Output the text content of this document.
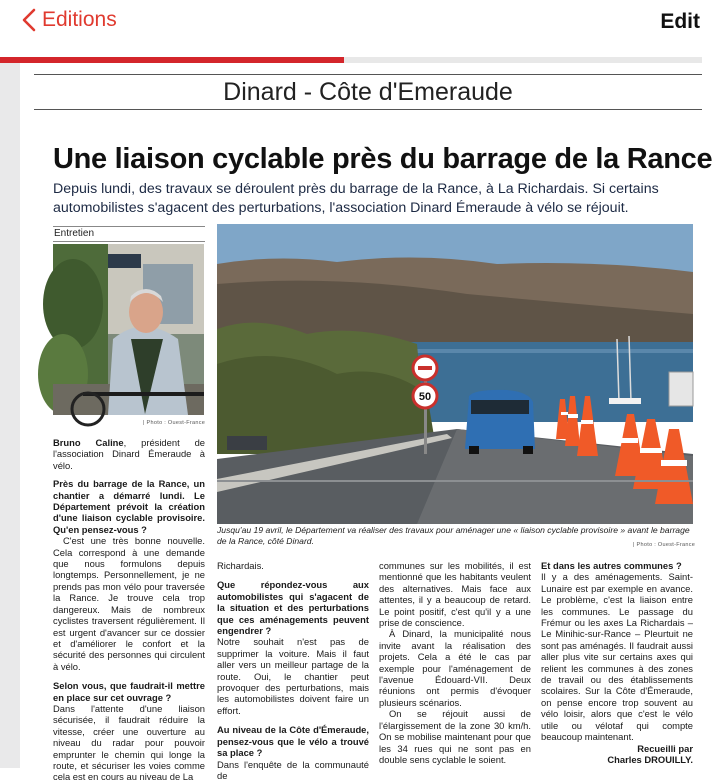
Editions	Edit
Dinard - Côte d'Emeraude
Une liaison cyclable près du barrage de la Rance
Depuis lundi, des travaux se déroulent près du barrage de la Rance, à La Richardais. Si certains automobilistes s'agacent des perturbations, l'association Dinard Émeraude à vélo se réjouit.
Entretien
| Photo : Ouest-France
50
Jusqu'au 19 avril, le Département va réaliser des travaux pour aménager une « liaison cyclable provisoire » avant le barrage de la Rance, côté Dinard.	| Photo : Ouest-France

Bruno Caline, président de l'association Dinard Émeraude à vélo.

Près du barrage de la Rance, un chantier a démarré lundi. Le Département prévoit la création d'une liaison cyclable provisoire. Qu'en pensez-vous ?

C'est une très bonne nouvelle. Cela correspond à une demande que nous formulons depuis longtemps. Personnellement, je ne prends pas mon vélo pour traversée la Rance. Je trouve cela trop dangereux. Mais de nombreux cyclistes traversent régulièrement. Il est urgent d'avancer sur ce dossier et d'améliorer le confort et la sécurité des personnes qui circulent à vélo.

Selon vous, que faudrait-il mettre en place sur cet ouvrage ?

Dans l'attente d'une liaison sécurisée, il faudrait réduire la vitesse, créer une ouverture au niveau du radar pour pouvoir emprunter le chemin qui longe la route, et sécuriser les voies comme cela est en cours au niveau de La

Richardais.

Que répondez-vous aux automobilistes qui s'agacent de la situation et des perturbations que ces aménagements peuvent engendrer ?

Notre souhait n'est pas de supprimer la voiture. Mais il faut aller vers un meilleur partage de la route. Oui, le chantier peut provoquer des perturbations, mais les automobilistes doivent faire un effort.

Au niveau de la Côte d'Émeraude, pensez-vous que le vélo a trouvé sa place ?

Dans l'enquête de la communauté de

communes sur les mobilités, il est mentionné que les habitants veulent des alternatives. Mais face aux attentes, il y a beaucoup de retard. Le point positif, c'est qu'il y a une prise de conscience.

À Dinard, la municipalité nous invite avant la réalisation des projets. Cela a été le cas par exemple pour l'aménagement de l'avenue Édouard-VII. Deux réunions ont permis d'évoquer plusieurs scénarios.

On se réjouit aussi de l'élargissement de la zone 30 km/h. On se mobilise maintenant pour que les 34 rues qui ne sont pas en double sens cyclable le soient.

Et dans les autres communes ?

Il y a des aménagements. Saint-Lunaire est par exemple en avance. Le problème, c'est la liaison entre les communes. Le passage du Frémur ou les axes La Richardais – Le Minihic-sur-Rance – Pleurtuit ne sont pas aménagés. Il faudrait aussi aller plus vite sur certains axes qui relient les communes à des zones de travail ou des établissements scolaires. Sur la Côte d'Émeraude, on pense encore trop souvent au vélo loisir, alors que c'est le vélo utile ou vélotaf qui compte beaucoup maintenant.

Recueilli par

Charles DROUILLY.
